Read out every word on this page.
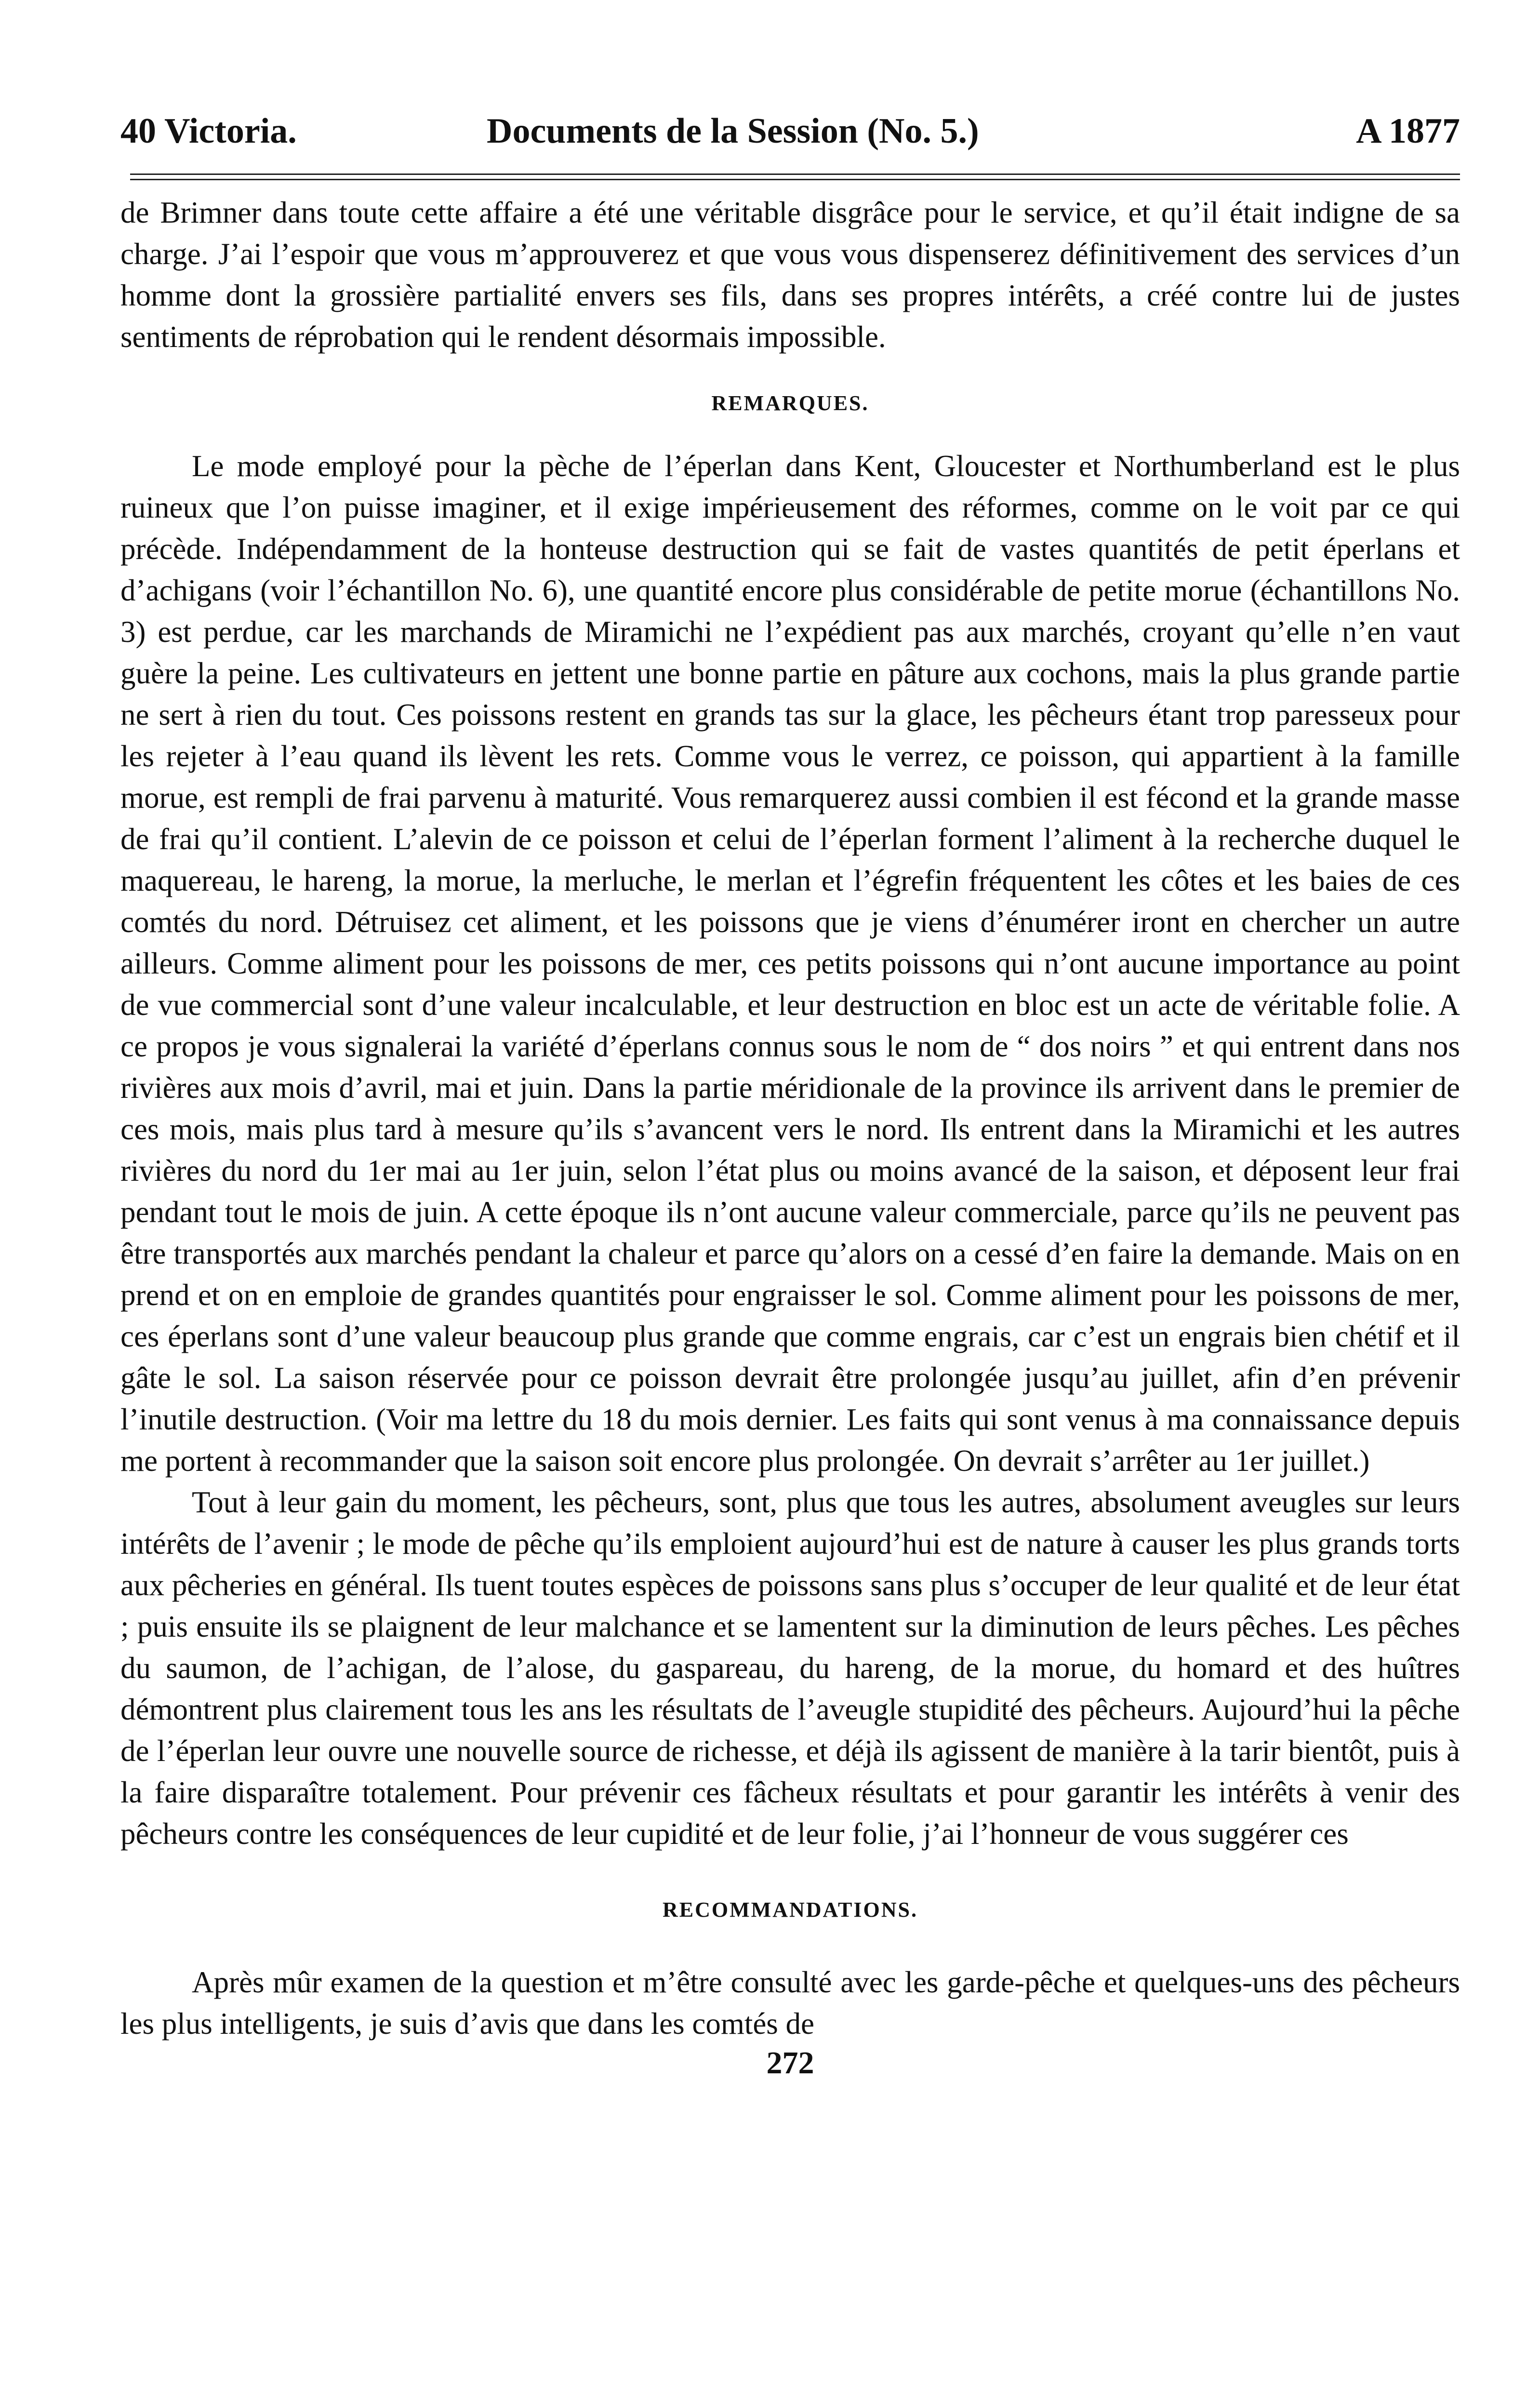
40 Victoria.	Documents de la Session (No. 5.)	A 1877

de Brimner dans toute cette affaire a été une véritable disgrâce pour le service, et qu’il était indigne de sa charge. J’ai l’espoir que vous m’approuverez et que vous vous dispenserez définitivement des services d’un homme dont la grossière partialité envers ses fils, dans ses propres intérêts, a créé contre lui de justes sentiments de réprobation qui le rendent désormais impossible.

REMARQUES.

Le mode employé pour la pèche de l’éperlan dans Kent, Gloucester et Northumberland est le plus ruineux que l’on puisse imaginer, et il exige impérieusement des réformes, comme on le voit par ce qui précède. Indépendamment de la honteuse destruction qui se fait de vastes quantités de petit éperlans et d’achigans (voir l’échantillon No. 6), une quantité encore plus considérable de petite morue (échantillons No. 3) est perdue, car les marchands de Miramichi ne l’expédient pas aux marchés, croyant qu’elle n’en vaut guère la peine. Les cultivateurs en jettent une bonne partie en pâture aux cochons, mais la plus grande partie ne sert à rien du tout. Ces poissons restent en grands tas sur la glace, les pêcheurs étant trop paresseux pour les rejeter à l’eau quand ils lèvent les rets. Comme vous le verrez, ce poisson, qui appartient à la famille morue, est rempli de frai parvenu à maturité. Vous remarquerez aussi combien il est fécond et la grande masse de frai qu’il contient. L’alevin de ce poisson et celui de l’éperlan forment l’aliment à la recherche duquel le maquereau, le hareng, la morue, la merluche, le merlan et l’égrefin fréquentent les côtes et les baies de ces comtés du nord. Détruisez cet aliment, et les poissons que je viens d’énumérer iront en chercher un autre ailleurs. Comme aliment pour les poissons de mer, ces petits poissons qui n’ont aucune importance au point de vue commercial sont d’une valeur incalculable, et leur destruction en bloc est un acte de véritable folie. A ce propos je vous signalerai la variété d’éperlans connus sous le nom de “ dos noirs ” et qui entrent dans nos rivières aux mois d’avril, mai et juin. Dans la partie méridionale de la province ils arrivent dans le premier de ces mois, mais plus tard à mesure qu’ils s’avancent vers le nord. Ils entrent dans la Miramichi et les autres rivières du nord du 1er mai au 1er juin, selon l’état plus ou moins avancé de la saison, et déposent leur frai pendant tout le mois de juin. A cette époque ils n’ont aucune valeur commerciale, parce qu’ils ne peuvent pas être transportés aux marchés pendant la chaleur et parce qu’alors on a cessé d’en faire la demande. Mais on en prend et on en emploie de grandes quantités pour engraisser le sol. Comme aliment pour les poissons de mer, ces éperlans sont d’une valeur beaucoup plus grande que comme engrais, car c’est un engrais bien chétif et il gâte le sol. La saison réservée pour ce poisson devrait être prolongée jusqu’au juillet, afin d’en prévenir l’inutile destruction. (Voir ma lettre du 18 du mois dernier. Les faits qui sont venus à ma connaissance depuis me portent à recommander que la saison soit encore plus prolongée. On devrait s’arrêter au 1er juillet.)

Tout à leur gain du moment, les pêcheurs, sont, plus que tous les autres, absolument aveugles sur leurs intérêts de l’avenir ; le mode de pêche qu’ils emploient aujourd’hui est de nature à causer les plus grands torts aux pêcheries en général. Ils tuent toutes espèces de poissons sans plus s’occuper de leur qualité et de leur état ; puis ensuite ils se plaignent de leur malchance et se lamentent sur la diminution de leurs pêches. Les pêches du saumon, de l’achigan, de l’alose, du gaspareau, du hareng, de la morue, du homard et des huîtres démontrent plus clairement tous les ans les résultats de l’aveugle stupidité des pêcheurs. Aujourd’hui la pêche de l’éperlan leur ouvre une nouvelle source de richesse, et déjà ils agissent de manière à la tarir bientôt, puis à la faire disparaître totalement. Pour prévenir ces fâcheux résultats et pour garantir les intérêts à venir des pêcheurs contre les conséquences de leur cupidité et de leur folie, j’ai l’honneur de vous suggérer ces

RECOMMANDATIONS.

Après mûr examen de la question et m’être consulté avec les garde-pêche et quelques-uns des pêcheurs les plus intelligents, je suis d’avis que dans les comtés de

272
